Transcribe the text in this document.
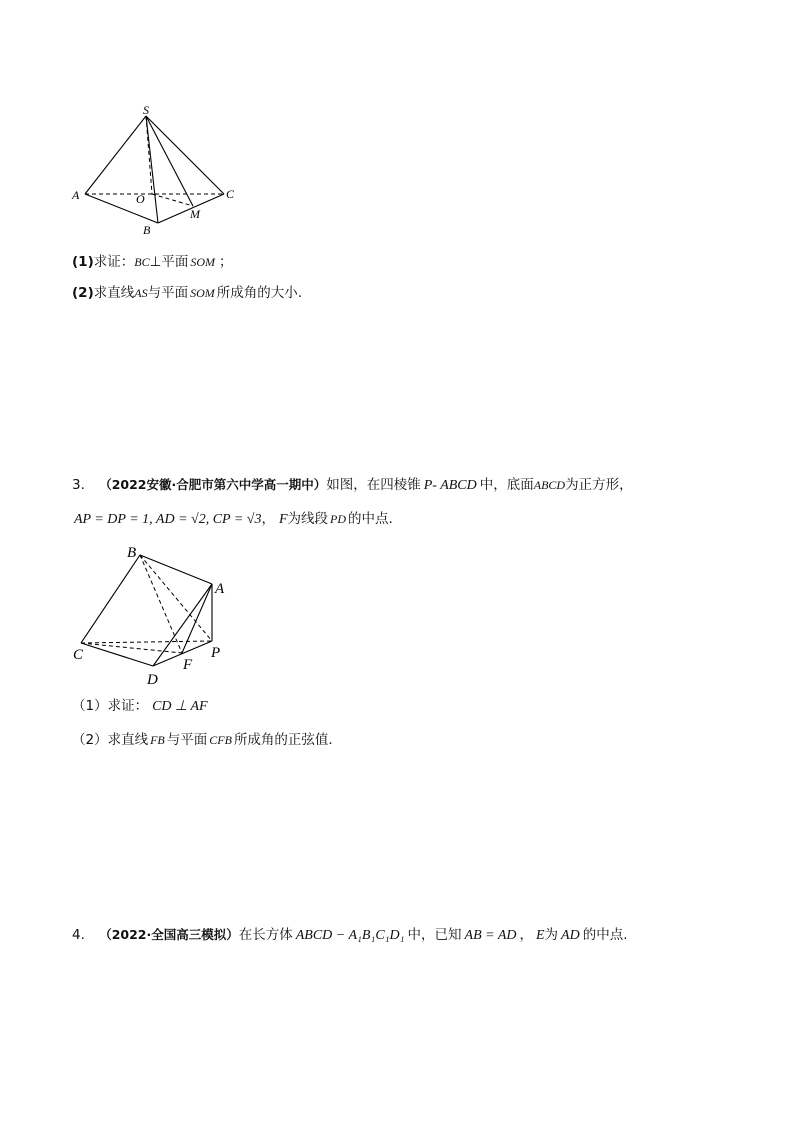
S
A	O
M
C
B
(1)求证：BC⊥平面 SOM ；
(2)求直线AS与平面 SOM 所成角的大小.
3. （2022安徽·合肥市第六中学高一期中）如图，在四棱锥 P- ABCD 中，底面ABCD为正方形，
AP = DP = 1, AD = √2, CP = √3， F为线段 PD 的中点.
B
A
C	P
F
D
（1）求证： CD ⊥ AF
（2）求直线 FB 与平面 CFB 所成角的正弦值.
4. （2022·全国高三模拟）在长方体 ABCD − A₁B₁C₁D₁ 中，已知 AB = AD ， E为 AD 的中点.
